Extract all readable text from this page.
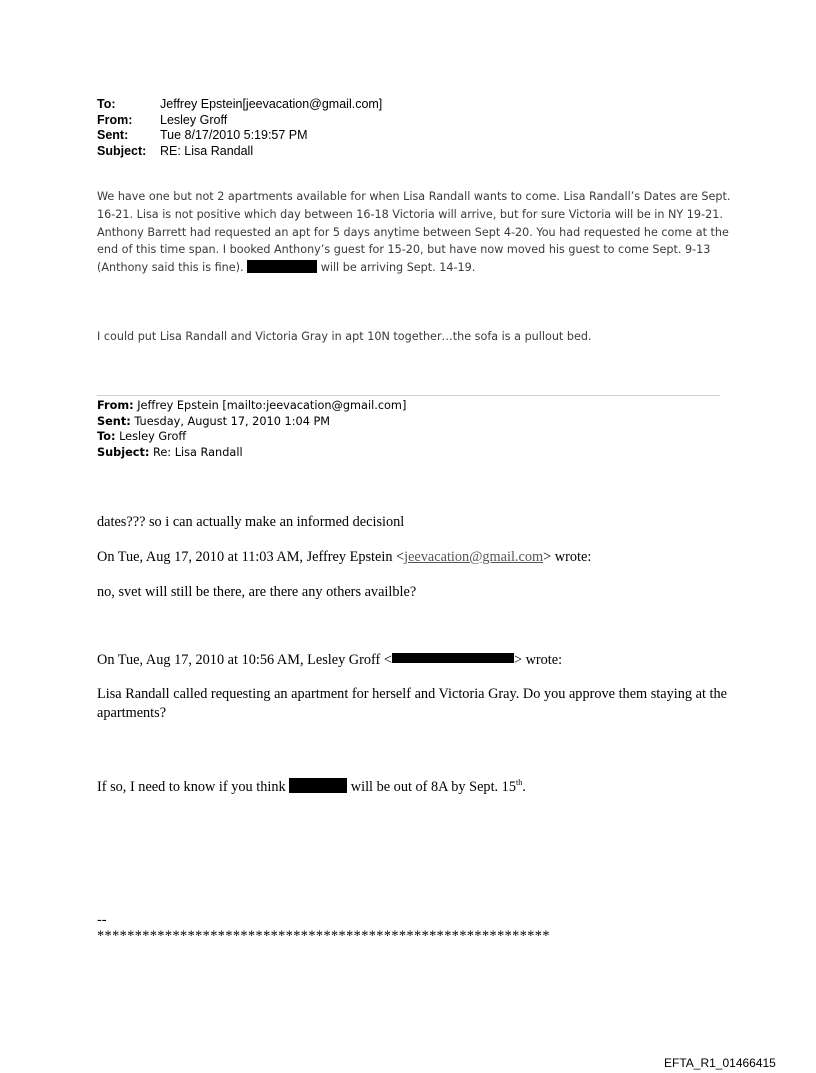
To:	Jeffrey Epstein[jeevacation@gmail.com]
From:	Lesley Groff
Sent:	Tue 8/17/2010 5:19:57 PM
Subject:	RE: Lisa Randall
We have one but not 2 apartments available for when Lisa Randall wants to come. Lisa Randall’s Dates are Sept. 16-21. Lisa is not positive which day between 16-18 Victoria will arrive, but for sure Victoria will be in NY 19-21. Anthony Barrett had requested an apt for 5 days anytime between Sept 4-20. You had requested he come at the end of this time span. I booked Anthony’s guest for 15-20, but have now moved his guest to come Sept. 9-13 (Anthony said this is fine).	will be arriving Sept. 14-19.
I could put Lisa Randall and Victoria Gray in apt 10N together…the sofa is a pullout bed.
From: Jeffrey Epstein [mailto:jeevacation@gmail.com]
Sent: Tuesday, August 17, 2010 1:04 PM
To: Lesley Groff
Subject: Re: Lisa Randall
dates??? so i can actually make an informed decisionl
On Tue, Aug 17, 2010 at 11:03 AM, Jeffrey Epstein <jeevacation@gmail.com> wrote:
no, svet will still be there, are there any others availble?
On Tue, Aug 17, 2010 at 10:56 AM, Lesley Groff <	> wrote:
Lisa Randall called requesting an apartment for herself and Victoria Gray. Do you approve them staying at the apartments?
If so, I need to know if you think	will be out of 8A by Sept. 15th.
--
************************************************************
EFTA_R1_01466415
